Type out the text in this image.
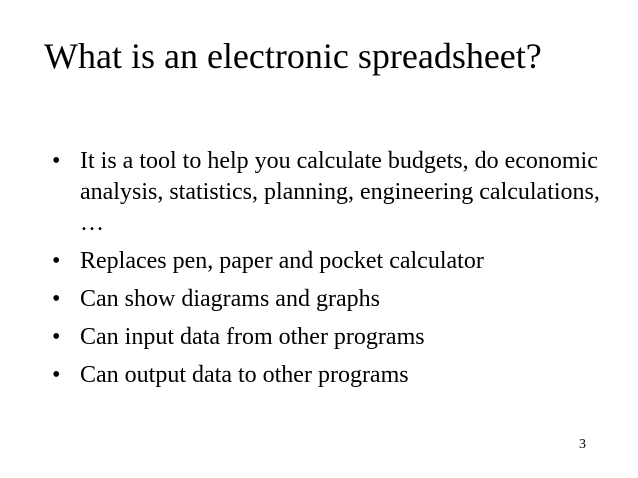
What is an electronic spreadsheet?
• It is a tool to help you calculate budgets, do economic analysis, statistics, planning, engineering calculations, …
• Replaces pen, paper and pocket calculator
• Can show diagrams and graphs
• Can input data from other programs
• Can output data to other programs
3
